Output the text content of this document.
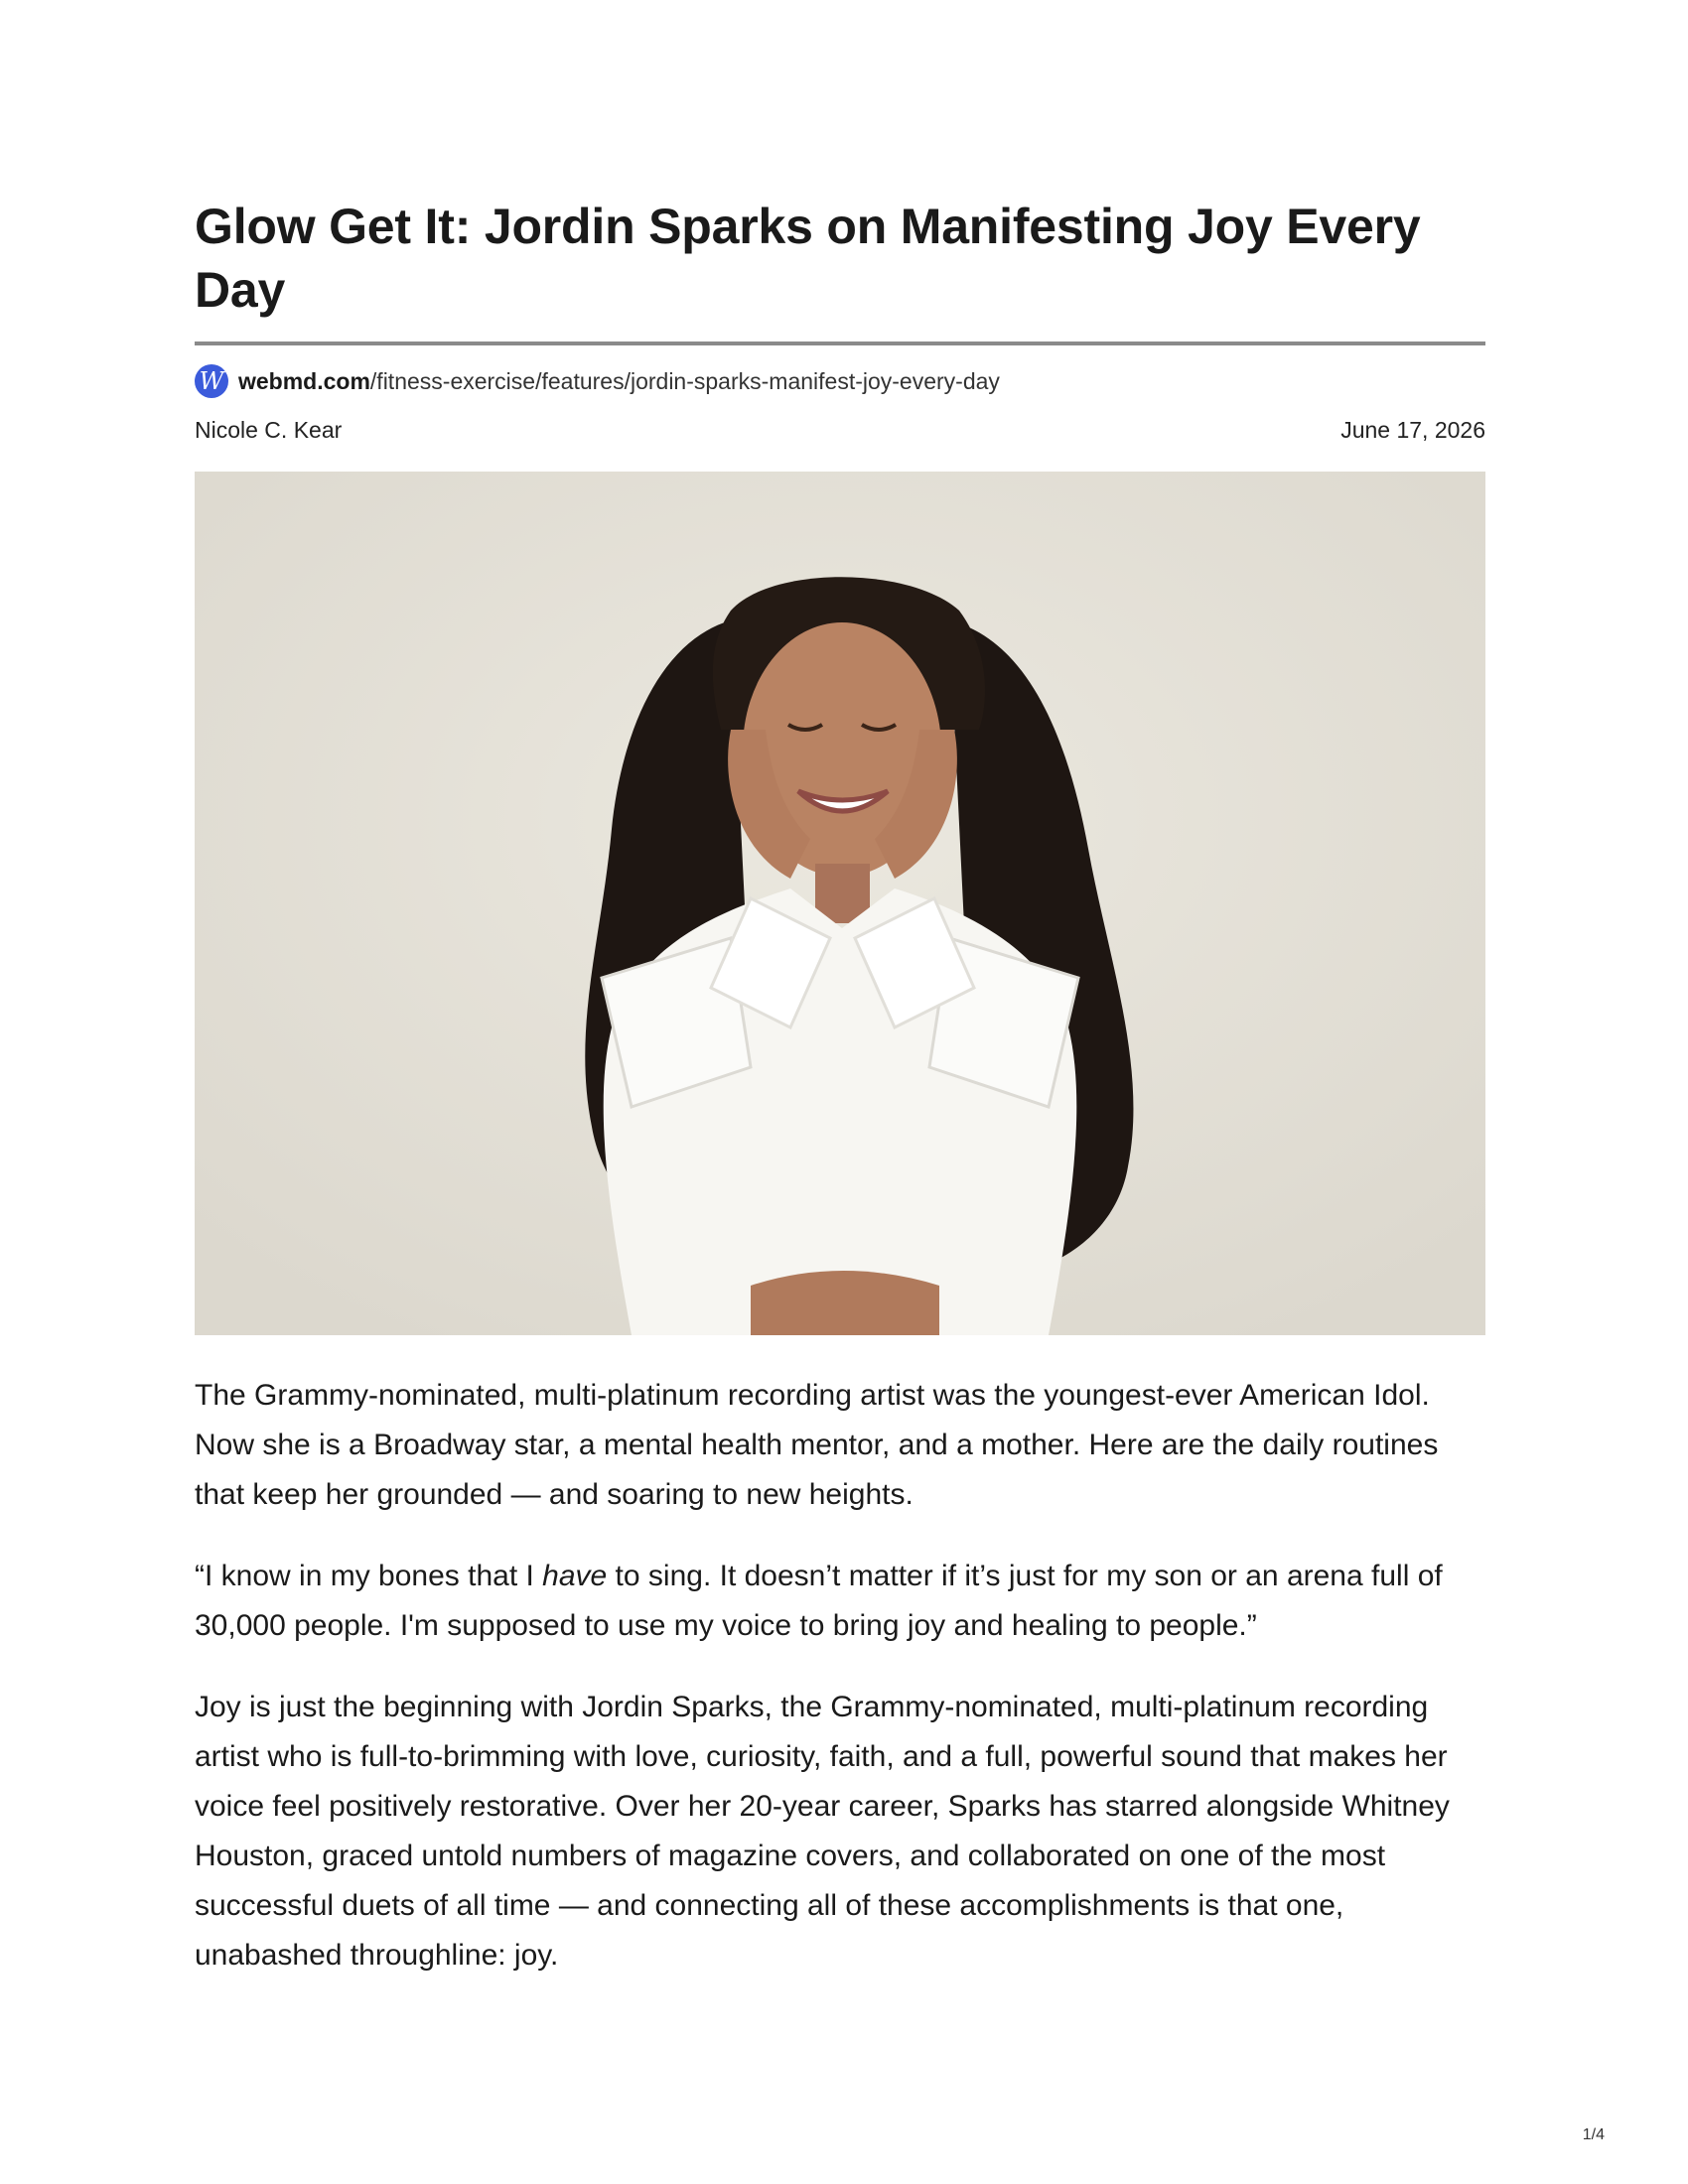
Glow Get It: Jordin Sparks on Manifesting Joy Every Day
W webmd.com/fitness-exercise/features/jordin-sparks-manifest-joy-every-day
Nicole C. Kear	June 17, 2026

The Grammy-nominated, multi-platinum recording artist was the youngest-ever American Idol. Now she is a Broadway star, a mental health mentor, and a mother. Here are the daily routines that keep her grounded — and soaring to new heights.

“I know in my bones that I have to sing. It doesn’t matter if it’s just for my son or an arena full of 30,000 people. I'm supposed to use my voice to bring joy and healing to people.”

Joy is just the beginning with Jordin Sparks, the Grammy-nominated, multi-platinum recording artist who is full-to-brimming with love, curiosity, faith, and a full, powerful sound that makes her voice feel positively restorative. Over her 20-year career, Sparks has starred alongside Whitney Houston, graced untold numbers of magazine covers, and collaborated on one of the most successful duets of all time — and connecting all of these accomplishments is that one, unabashed throughline: joy.

1/4
